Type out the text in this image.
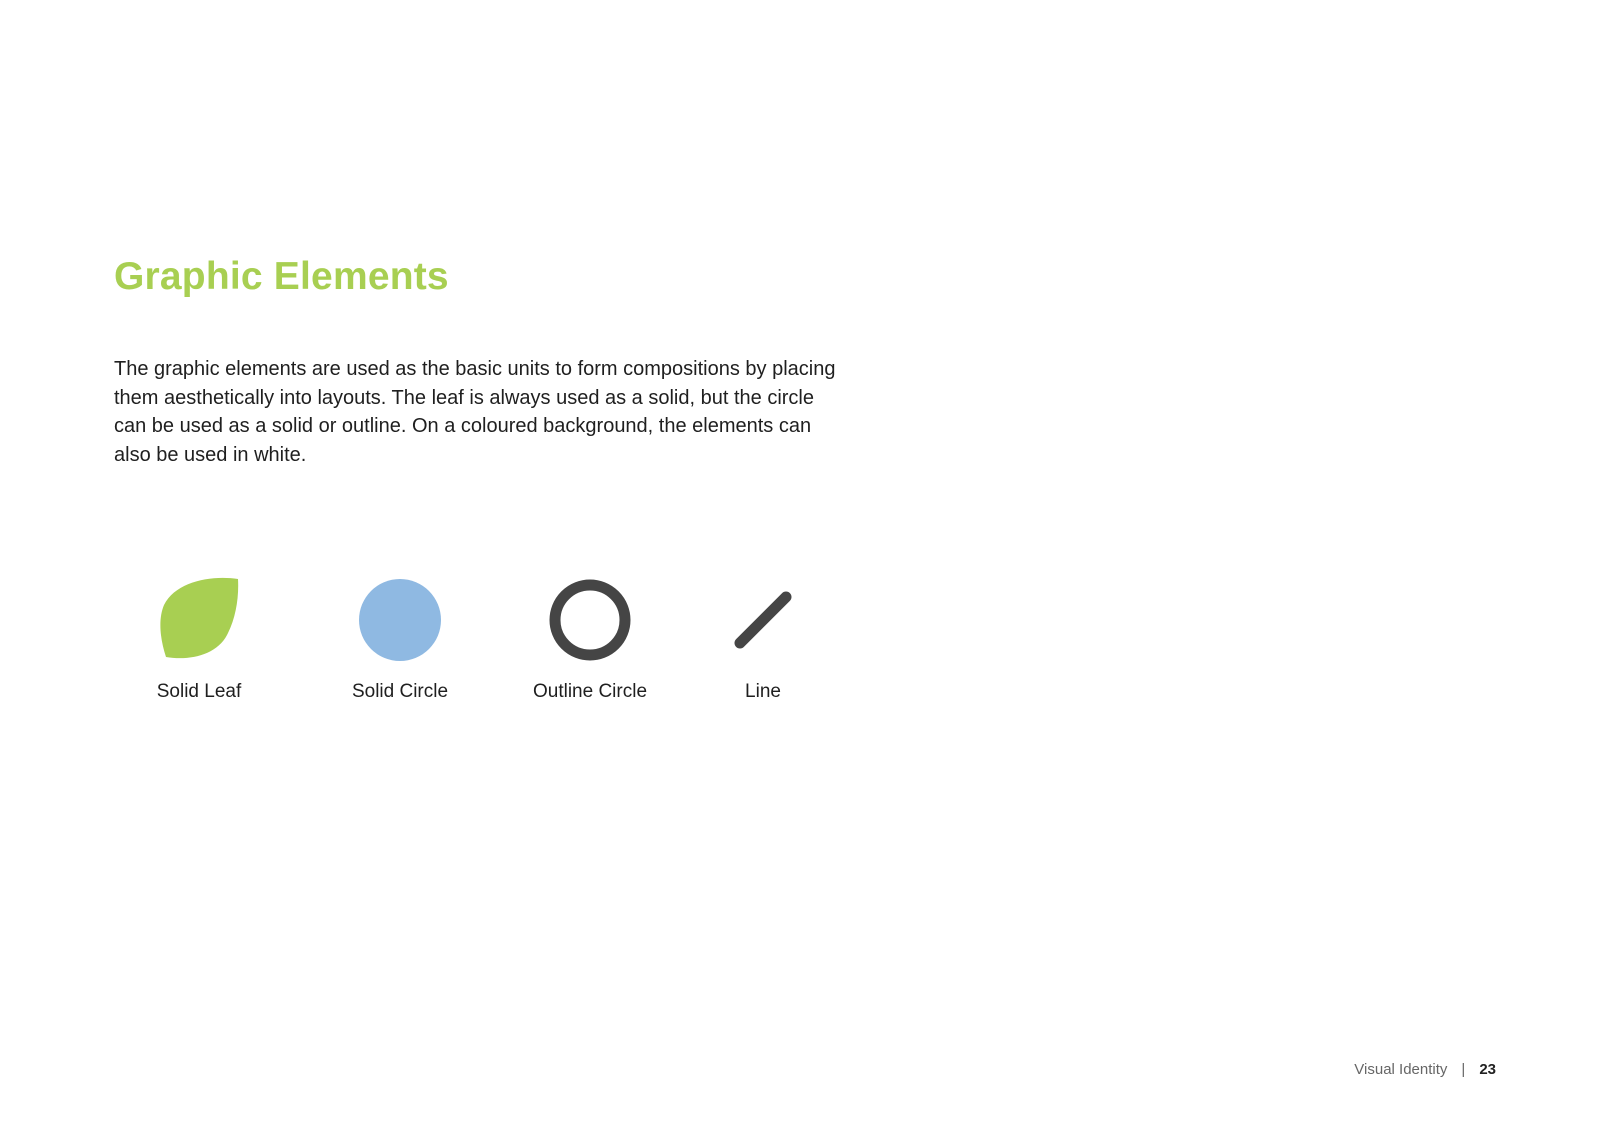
Graphic Elements

The graphic elements are used as the basic units to form compositions by placing them aesthetically into layouts. The leaf is always used as a solid, but the circle can be used as a solid or outline. On a coloured background, the elements can also be used in white.

Solid Leaf	Solid Circle	Outline Circle	Line
Visual Identity | 23
